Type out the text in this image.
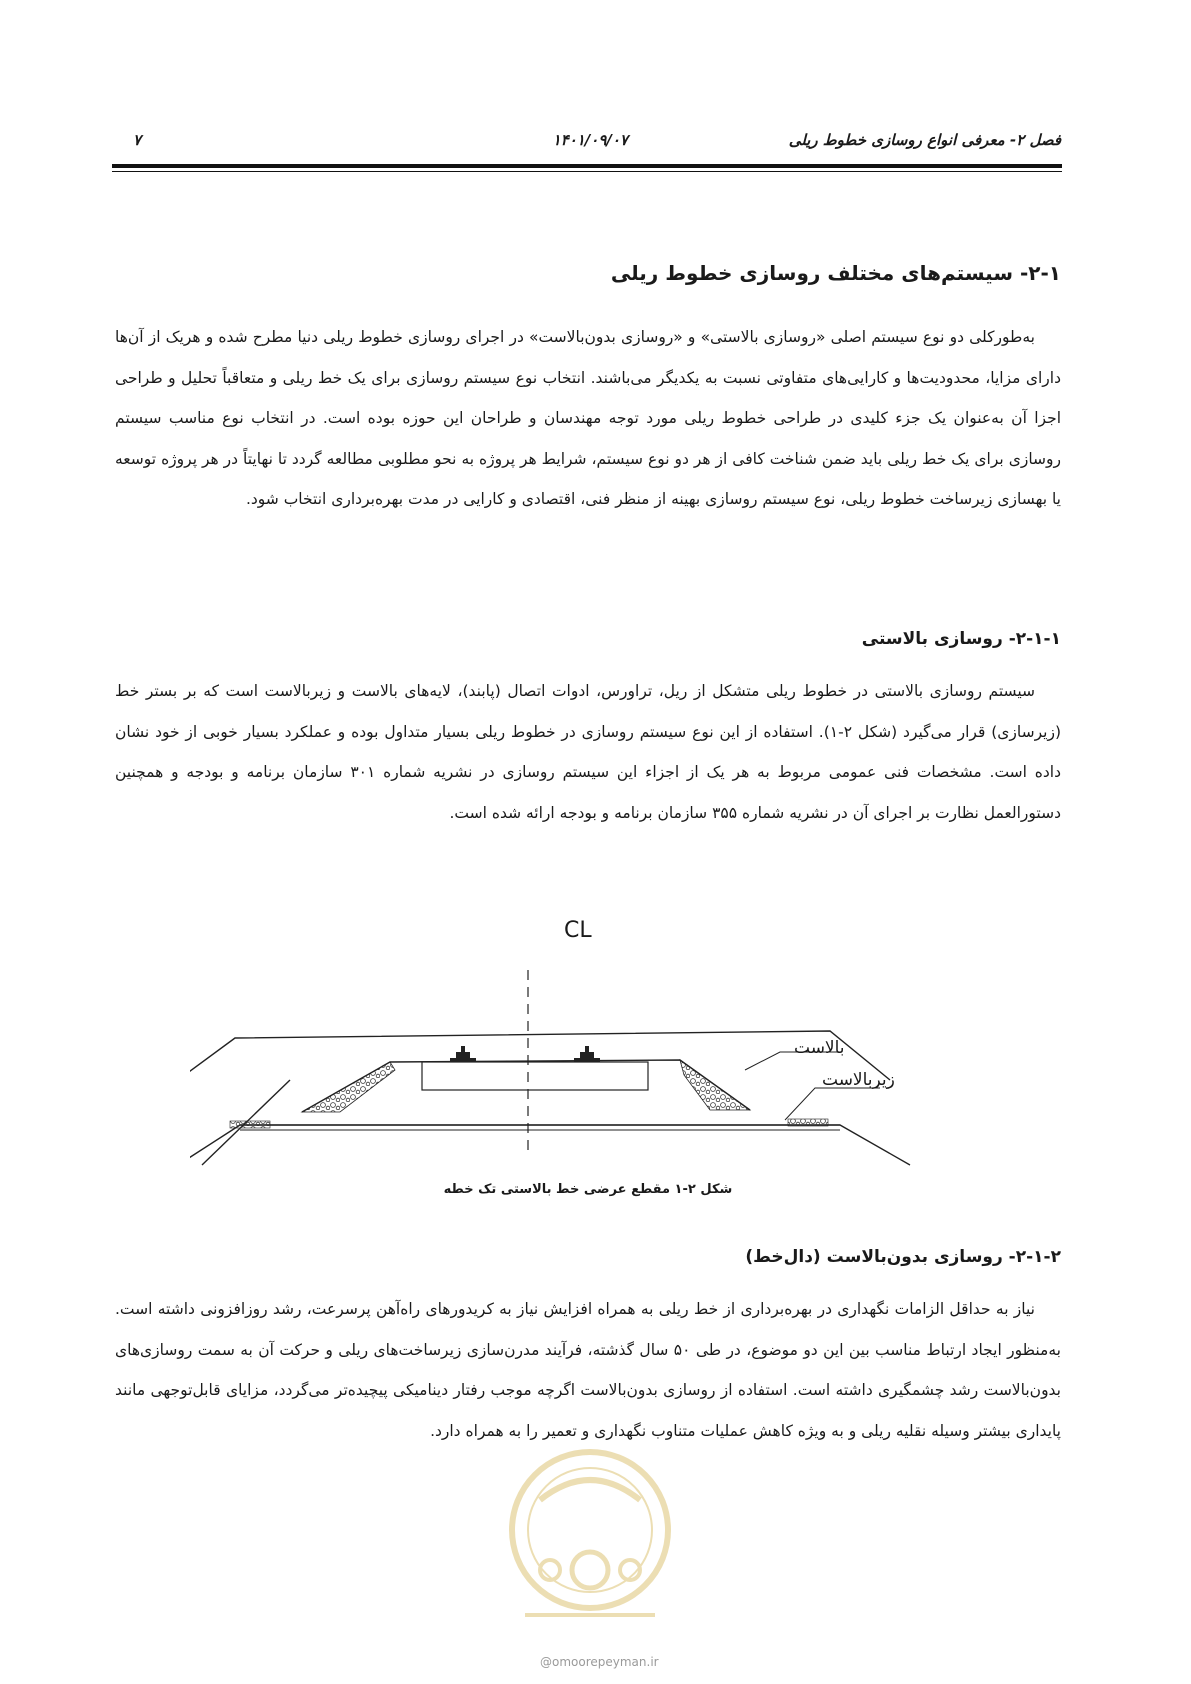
فصل ۲- معرفی انواع روسازی خطوط ریلی
۱۴۰۱/۰۹/۰۷
۷
۲-۱- سیستم‌های مختلف روسازی خطوط ریلی
به‌طورکلی دو نوع سیستم اصلی «روسازی بالاستی» و «روسازی بدون‌بالاست» در اجرای روسازی خطوط ریلی دنیا مطرح شده و هریک از آن‌ها دارای مزایا، محدودیت‌ها و کارایی‌های متفاوتی نسبت به یکدیگر می‌باشند. انتخاب نوع سیستم روسازی برای یک خط ریلی و متعاقباً تحلیل و طراحی اجزا آن به‌عنوان یک جزء کلیدی در طراحی خطوط ریلی مورد توجه مهندسان و طراحان این حوزه بوده است. در انتخاب نوع مناسب سیستم روسازی برای یک خط ریلی باید ضمن شناخت کافی از هر دو نوع سیستم، شرایط هر پروژه به نحو مطلوبی مطالعه گردد تا نهایتاً در هر پروژه توسعه یا بهسازی زیرساخت خطوط ریلی، نوع سیستم روسازی بهینه از منظر فنی، اقتصادی و کارایی در مدت بهره‌برداری انتخاب شود.
۲-۱-۱- روسازی بالاستی
سیستم روسازی بالاستی در خطوط ریلی متشکل از ریل، تراورس، ادوات اتصال (پابند)، لایه‌های بالاست و زیربالاست است که بر بستر خط (زیرسازی) قرار می‌گیرد (شکل ۲-۱). استفاده از این نوع سیستم روسازی در خطوط ریلی بسیار متداول بوده و عملکرد بسیار خوبی از خود نشان داده است. مشخصات فنی عمومی مربوط به هر یک از اجزاء این سیستم روسازی در نشریه شماره ۳۰۱ سازمان برنامه و بودجه و همچنین دستورالعمل نظارت بر اجرای آن در نشریه شماره ۳۵۵ سازمان برنامه و بودجه ارائه شده است.
CL
بالاست
زیربالاست
شکل ۲-۱ مقطع عرضی خط بالاستی تک خطه
۲-۱-۲- روسازی بدون‌بالاست (دال‌خط)
نیاز به حداقل الزامات نگهداری در بهره‌برداری از خط ریلی به همراه افزایش نیاز به کریدورهای راه‌آهن پرسرعت، رشد روزافزونی داشته است. به‌منظور ایجاد ارتباط مناسب بین این دو موضوع، در طی ۵۰ سال گذشته، فرآیند مدرن‌سازی زیرساخت‌های ریلی و حرکت آن به سمت روسازی‌های بدون‌بالاست رشد چشمگیری داشته است. استفاده از روسازی بدون‌بالاست اگرچه موجب رفتار دینامیکی پیچیده‌تر می‌گردد، مزایای قابل‌توجهی مانند پایداری بیشتر وسیله نقلیه ریلی و به ویژه کاهش عملیات متناوب نگهداری و تعمیر را به همراه دارد.
@omoorepeyman.ir
